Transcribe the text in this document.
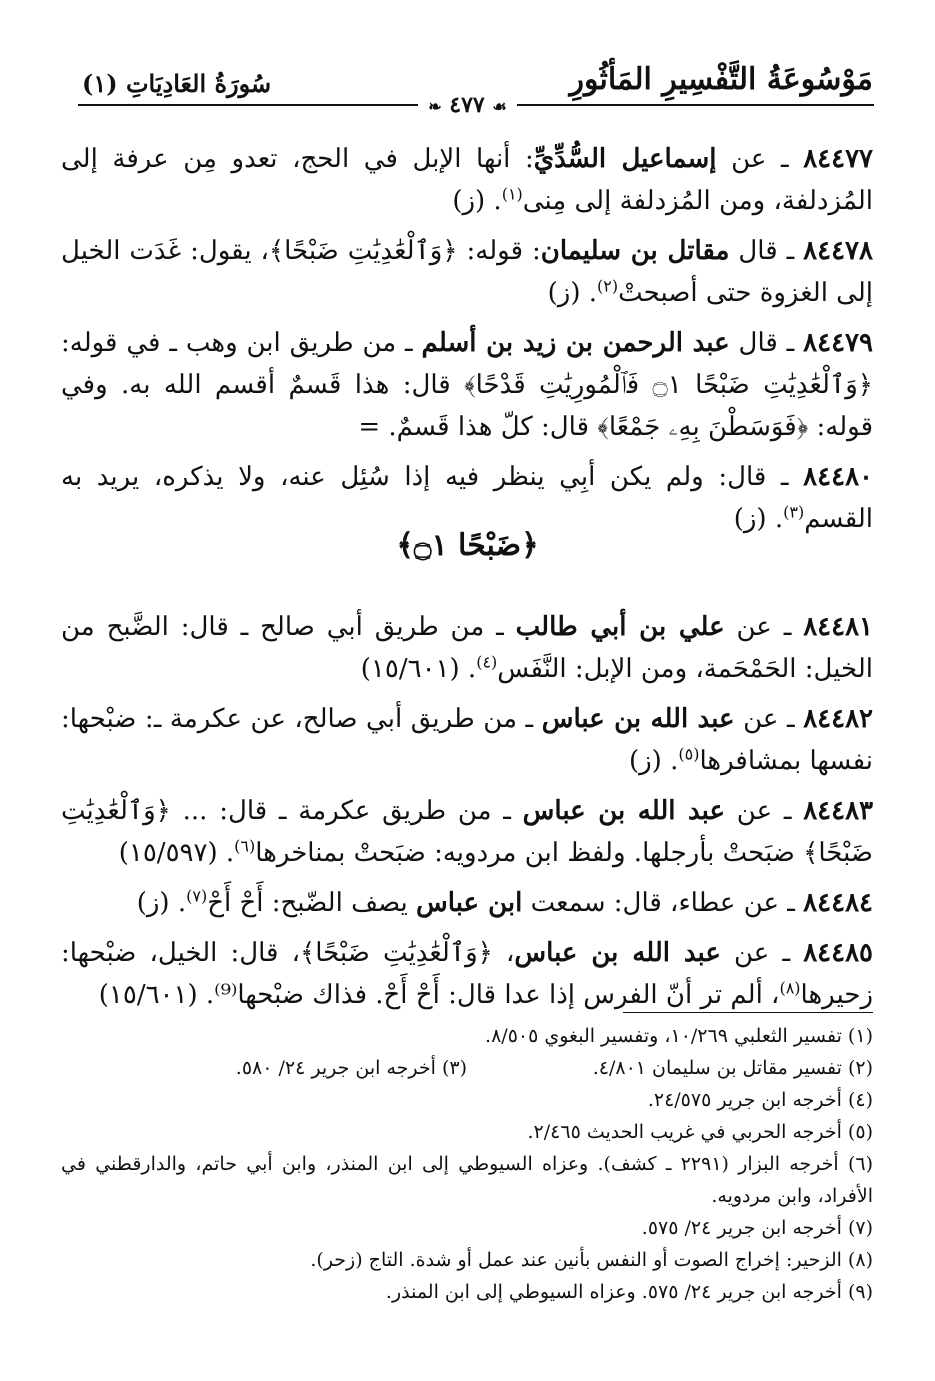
مَوْسُوعَةُ التَّفْسِيرِ المَأثُورِ
سُورَةُ العَادِيَاتِ (١)
☙ ٤٧٧ ❧
٨٤٤٧٧ ـ عن إسماعيل السُّدِّيِّ: أنها الإبل في الحج، تعدو مِن عرفة إلى المُزدلفة، ومن المُزدلفة إلى مِنى$^{(١)}$. (ز)
٨٤٤٧٨ ـ قال مقاتل بن سليمان: قوله: ﴿وَٱلْعَٰدِيَٰتِ ضَبْحًا﴾، يقول: غَدَت الخيل إلى الغزوة حتى أصبحتْ$^{(٢)}$. (ز)
٨٤٤٧٩ ـ قال عبد الرحمن بن زيد بن أسلم ـ من طريق ابن وهب ـ في قوله: ﴿وَٱلْعَٰدِيَٰتِ ضَبْحًا ۝١ فَٱلْمُورِيَٰتِ قَدْحًا﴾ قال: هذا قَسمٌ أقسم الله به. وفي قوله: ﴿فَوَسَطْنَ بِهِۦ جَمْعًا﴾ قال: كلّ هذا قَسمٌ. =
٨٤٤٨٠ ـ قال: ولم يكن أبِي ينظر فيه إذا سُئِل عنه، ولا يذكره، يريد به القسم$^{(٣)}$. (ز)
﴿ضَبْحًا ۝١﴾
٨٤٤٨١ ـ عن علي بن أبي طالب ـ من طريق أبي صالح ـ قال: الضَّبح من الخيل: الحَمْحَمة، ومن الإبل: النَّفَس$^{(٤)}$. (١٥/٦٠١)
٨٤٤٨٢ ـ عن عبد الله بن عباس ـ من طريق أبي صالح، عن عكرمة ـ: ضبْحها: نفسها بمشافرها$^{(٥)}$. (ز)
٨٤٤٨٣ ـ عن عبد الله بن عباس ـ من طريق عكرمة ـ قال: ... ﴿وَٱلْعَٰدِيَٰتِ ضَبْحًا﴾ ضبَحتْ بأرجلها. ولفظ ابن مردويه: ضبَحتْ بمناخرها$^{(٦)}$. (١٥/٥٩٧)
٨٤٤٨٤ ـ عن عطاء، قال: سمعت ابن عباس يصف الضّبح: أَحْ أَحْ$^{(٧)}$. (ز)
٨٤٤٨٥ ـ عن عبد الله بن عباس، ﴿وَٱلْعَٰدِيَٰتِ ضَبْحًا﴾، قال: الخيل، ضبْحها: زحيرها$^{(٨)}$، ألم تر أنّ الفرس إذا عدا قال: أَحْ أَحْ. فذاك ضبْحها⁽⁹⁾. (١٥/٦٠١)
(١) تفسير الثعلبي ١٠/٢٦٩، وتفسير البغوي ٨/٥٠٥.
(٢) تفسير مقاتل بن سليمان ٤/٨٠١.
(٣) أخرجه ابن جرير ٢٤/ ٥٨٠.
(٤) أخرجه ابن جرير ٢٤/٥٧٥.
(٥) أخرجه الحربي في غريب الحديث ٢/٤٦٥.
(٦) أخرجه البزار (٢٢٩١ ـ كشف). وعزاه السيوطي إلى ابن المنذر، وابن أبي حاتم، والدارقطني في الأفراد، وابن مردويه.
(٧) أخرجه ابن جرير ٢٤/ ٥٧٥.
(٨) الزحير: إخراج الصوت أو النفس بأنين عند عمل أو شدة. التاج (زحر).
(٩) أخرجه ابن جرير ٢٤/ ٥٧٥. وعزاه السيوطي إلى ابن المنذر.
